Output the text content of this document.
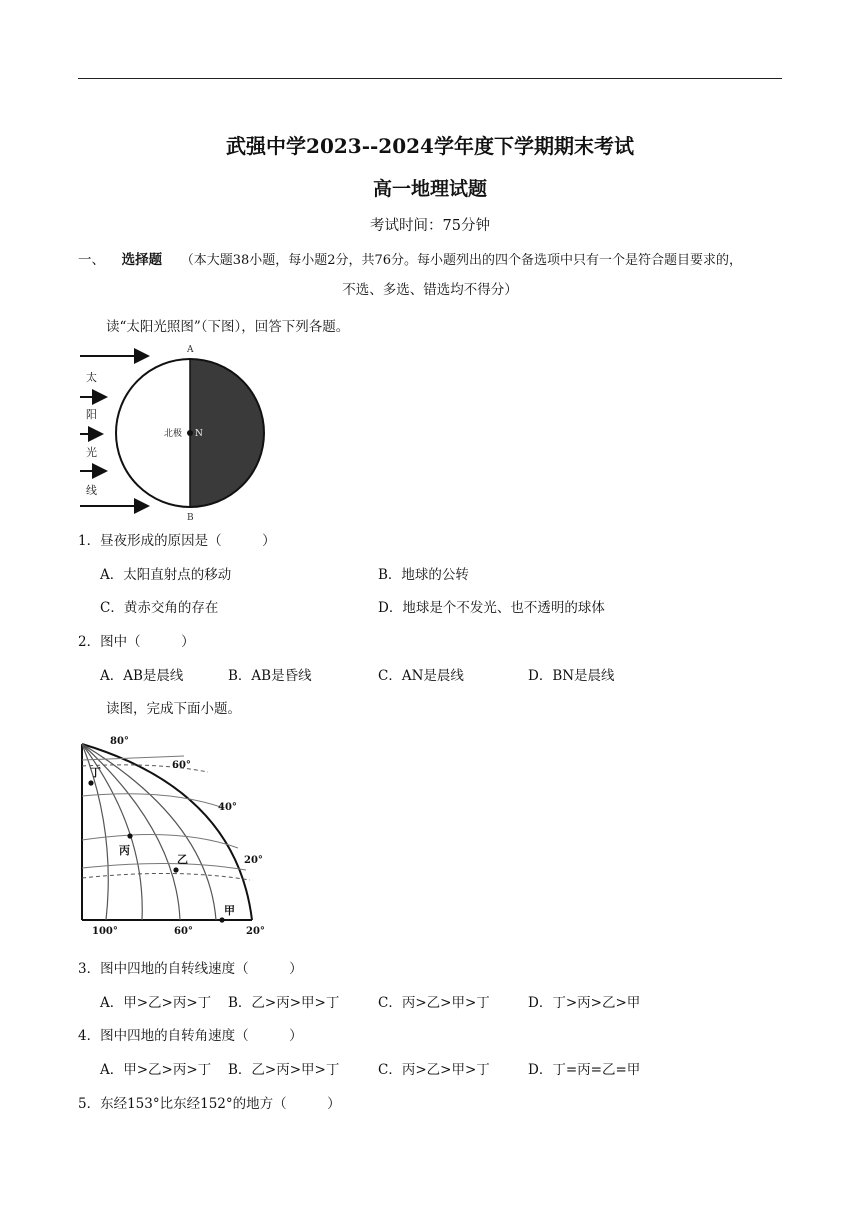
武强中学2023--2024学年度下学期期末考试
高一地理试题
考试时间：75分钟
一、 选择题 （本大题38小题，每小题2分，共76分。每小题列出的四个备选项中只有一个是符合题目要求的，
不选、多选、错选均不得分）
读“太阳光照图”（下图），回答下列各题。
太
阳
光
线
北极 N
A
B
1．昼夜形成的原因是（　　　）
A．太阳直射点的移动	B．地球的公转
C．黄赤交角的存在	D．地球是个不发光、也不透明的球体
2．图中（　　　）
A．AB是晨线	B．AB是昏线	C．AN是晨线	D．BN是晨线
读图，完成下面小题。
丁
丙
乙
甲
80°
60°
40°
20°
100°	60°	20°
3．图中四地的自转线速度（　　　）
A．甲>乙>丙>丁 B．乙>丙>甲>丁	C．丙>乙>甲>丁	D．丁>丙>乙>甲
4．图中四地的自转角速度（　　　）
A．甲>乙>丙>丁 B．乙>丙>甲>丁	C．丙>乙>甲>丁	D．丁=丙=乙=甲
5．东经153°比东经152°的地方（　　　）
